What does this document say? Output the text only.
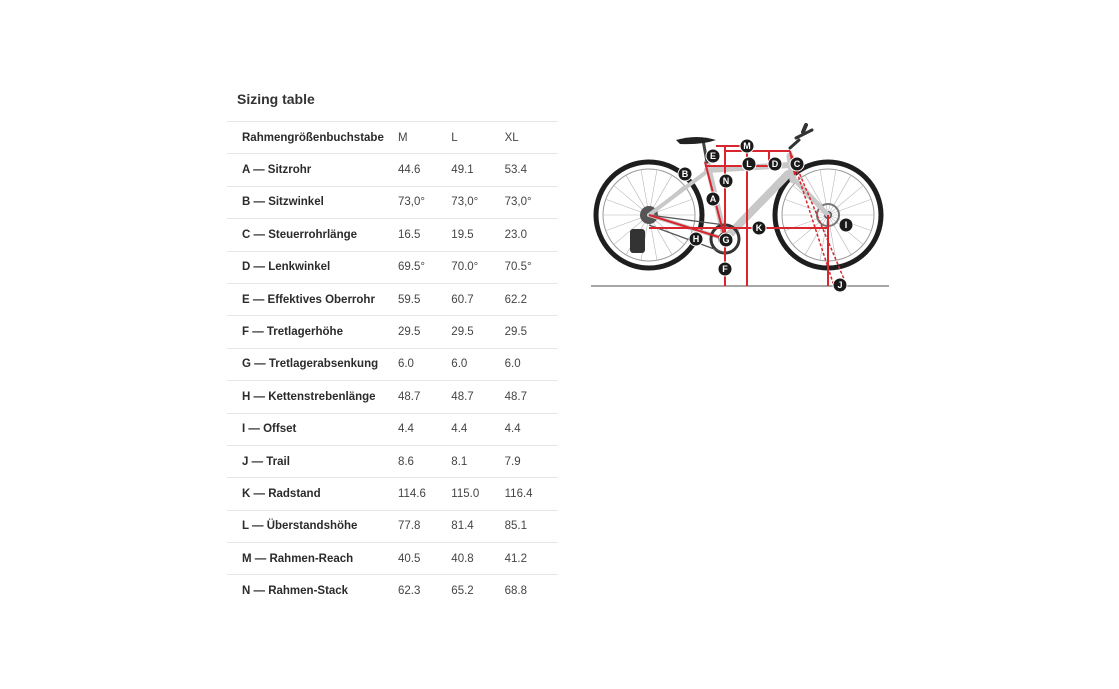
Sizing table
Rahmengrößenbuchstabe	M	L	XL
A — Sitzrohr	44.6	49.1	53.4
B — Sitzwinkel	73,0°	73,0°	73,0°
C — Steuerrohrlänge	16.5	19.5	23.0
D — Lenkwinkel	69.5°	70.0°	70.5°
E — Effektives Oberrohr	59.5	60.7	62.2
F — Tretlagerhöhe	29.5	29.5	29.5
G — Tretlagerabsenkung	6.0	6.0	6.0
H — Kettenstrebenlänge	48.7	48.7	48.7
I — Offset	4.4	4.4	4.4
J — Trail	8.6	8.1	7.9
K — Radstand	114.6	115.0	116.4
L — Überstandshöhe	77.8	81.4	85.1
M — Rahmen-Reach	40.5	40.8	41.2
N — Rahmen-Stack	62.3	65.2	68.8
A
B
C
D
E
F
G
H
I
J
K
L
M
N
